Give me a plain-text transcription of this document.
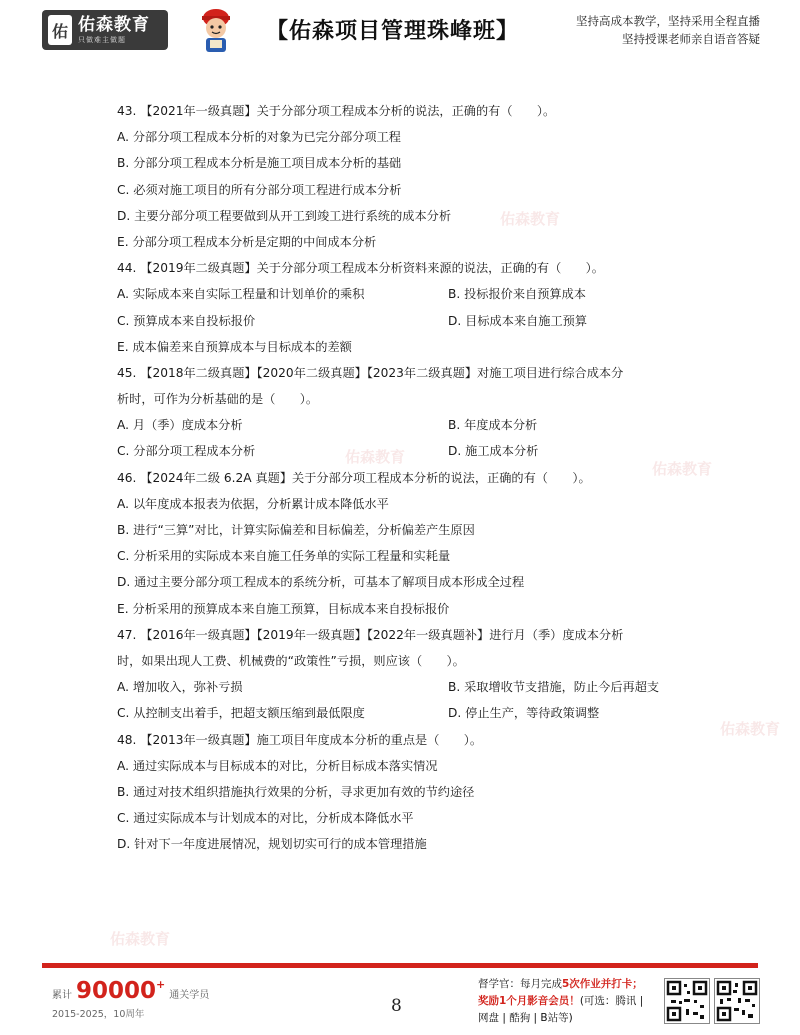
佑 佑森教育
只做难主做题	【佑森项目管理珠峰班】	坚持高成本教学，坚持采用全程直播
坚持授课老师亲自语音答疑
佑森教育
佑森教育
佑森教育
佑森教育
佑森教育
43. 【2021年一级真题】关于分部分项工程成本分析的说法，正确的有（　　）。
A. 分部分项工程成本分析的对象为已完分部分项工程
B. 分部分项工程成本分析是施工项目成本分析的基础
C. 必须对施工项目的所有分部分项工程进行成本分析
D. 主要分部分项工程要做到从开工到竣工进行系统的成本分析
E. 分部分项工程成本分析是定期的中间成本分析
44. 【2019年二级真题】关于分部分项工程成本分析资料来源的说法，正确的有（　　）。
A. 实际成本来自实际工程量和计划单价的乘积	B. 投标报价来自预算成本
C. 预算成本来自投标报价	D. 目标成本来自施工预算
E. 成本偏差来自预算成本与目标成本的差额
45. 【2018年二级真题】【2020年二级真题】【2023年二级真题】对施工项目进行综合成本分
析时，可作为分析基础的是（　　）。
A. 月（季）度成本分析	B. 年度成本分析
C. 分部分项工程成本分析	D. 施工成本分析
46. 【2024年二级 6.2A 真题】关于分部分项工程成本分析的说法，正确的有（　　）。
A. 以年度成本报表为依据，分析累计成本降低水平
B. 进行“三算”对比，计算实际偏差和目标偏差，分析偏差产生原因
C. 分析采用的实际成本来自施工任务单的实际工程量和实耗量
D. 通过主要分部分项工程成本的系统分析，可基本了解项目成本形成全过程
E. 分析采用的预算成本来自施工预算，目标成本来自投标报价
47. 【2016年一级真题】【2019年一级真题】【2022年一级真题补】进行月（季）度成本分析
时，如果出现人工费、机械费的“政策性”亏损，则应该（　　）。
A. 增加收入，弥补亏损	B. 采取增收节支措施，防止今后再超支
C. 从控制支出着手，把超支额压缩到最低限度	D. 停止生产，等待政策调整
48. 【2013年一级真题】施工项目年度成本分析的重点是（　　）。
A. 通过实际成本与目标成本的对比，分析目标成本落实情况
B. 通过对技术组织措施执行效果的分析，寻求更加有效的节约途径
C. 通过实际成本与计划成本的对比，分析成本降低水平
D. 针对下一年度进展情况，规划切实可行的成本管理措施
累计 90000 +
通关学员
2015-2025，10周年	8
督学官：每月完成5次作业并打卡；
奖励1个月影音会员！(可选：腾讯 |
网盘 | 酷狗 | B站等)
